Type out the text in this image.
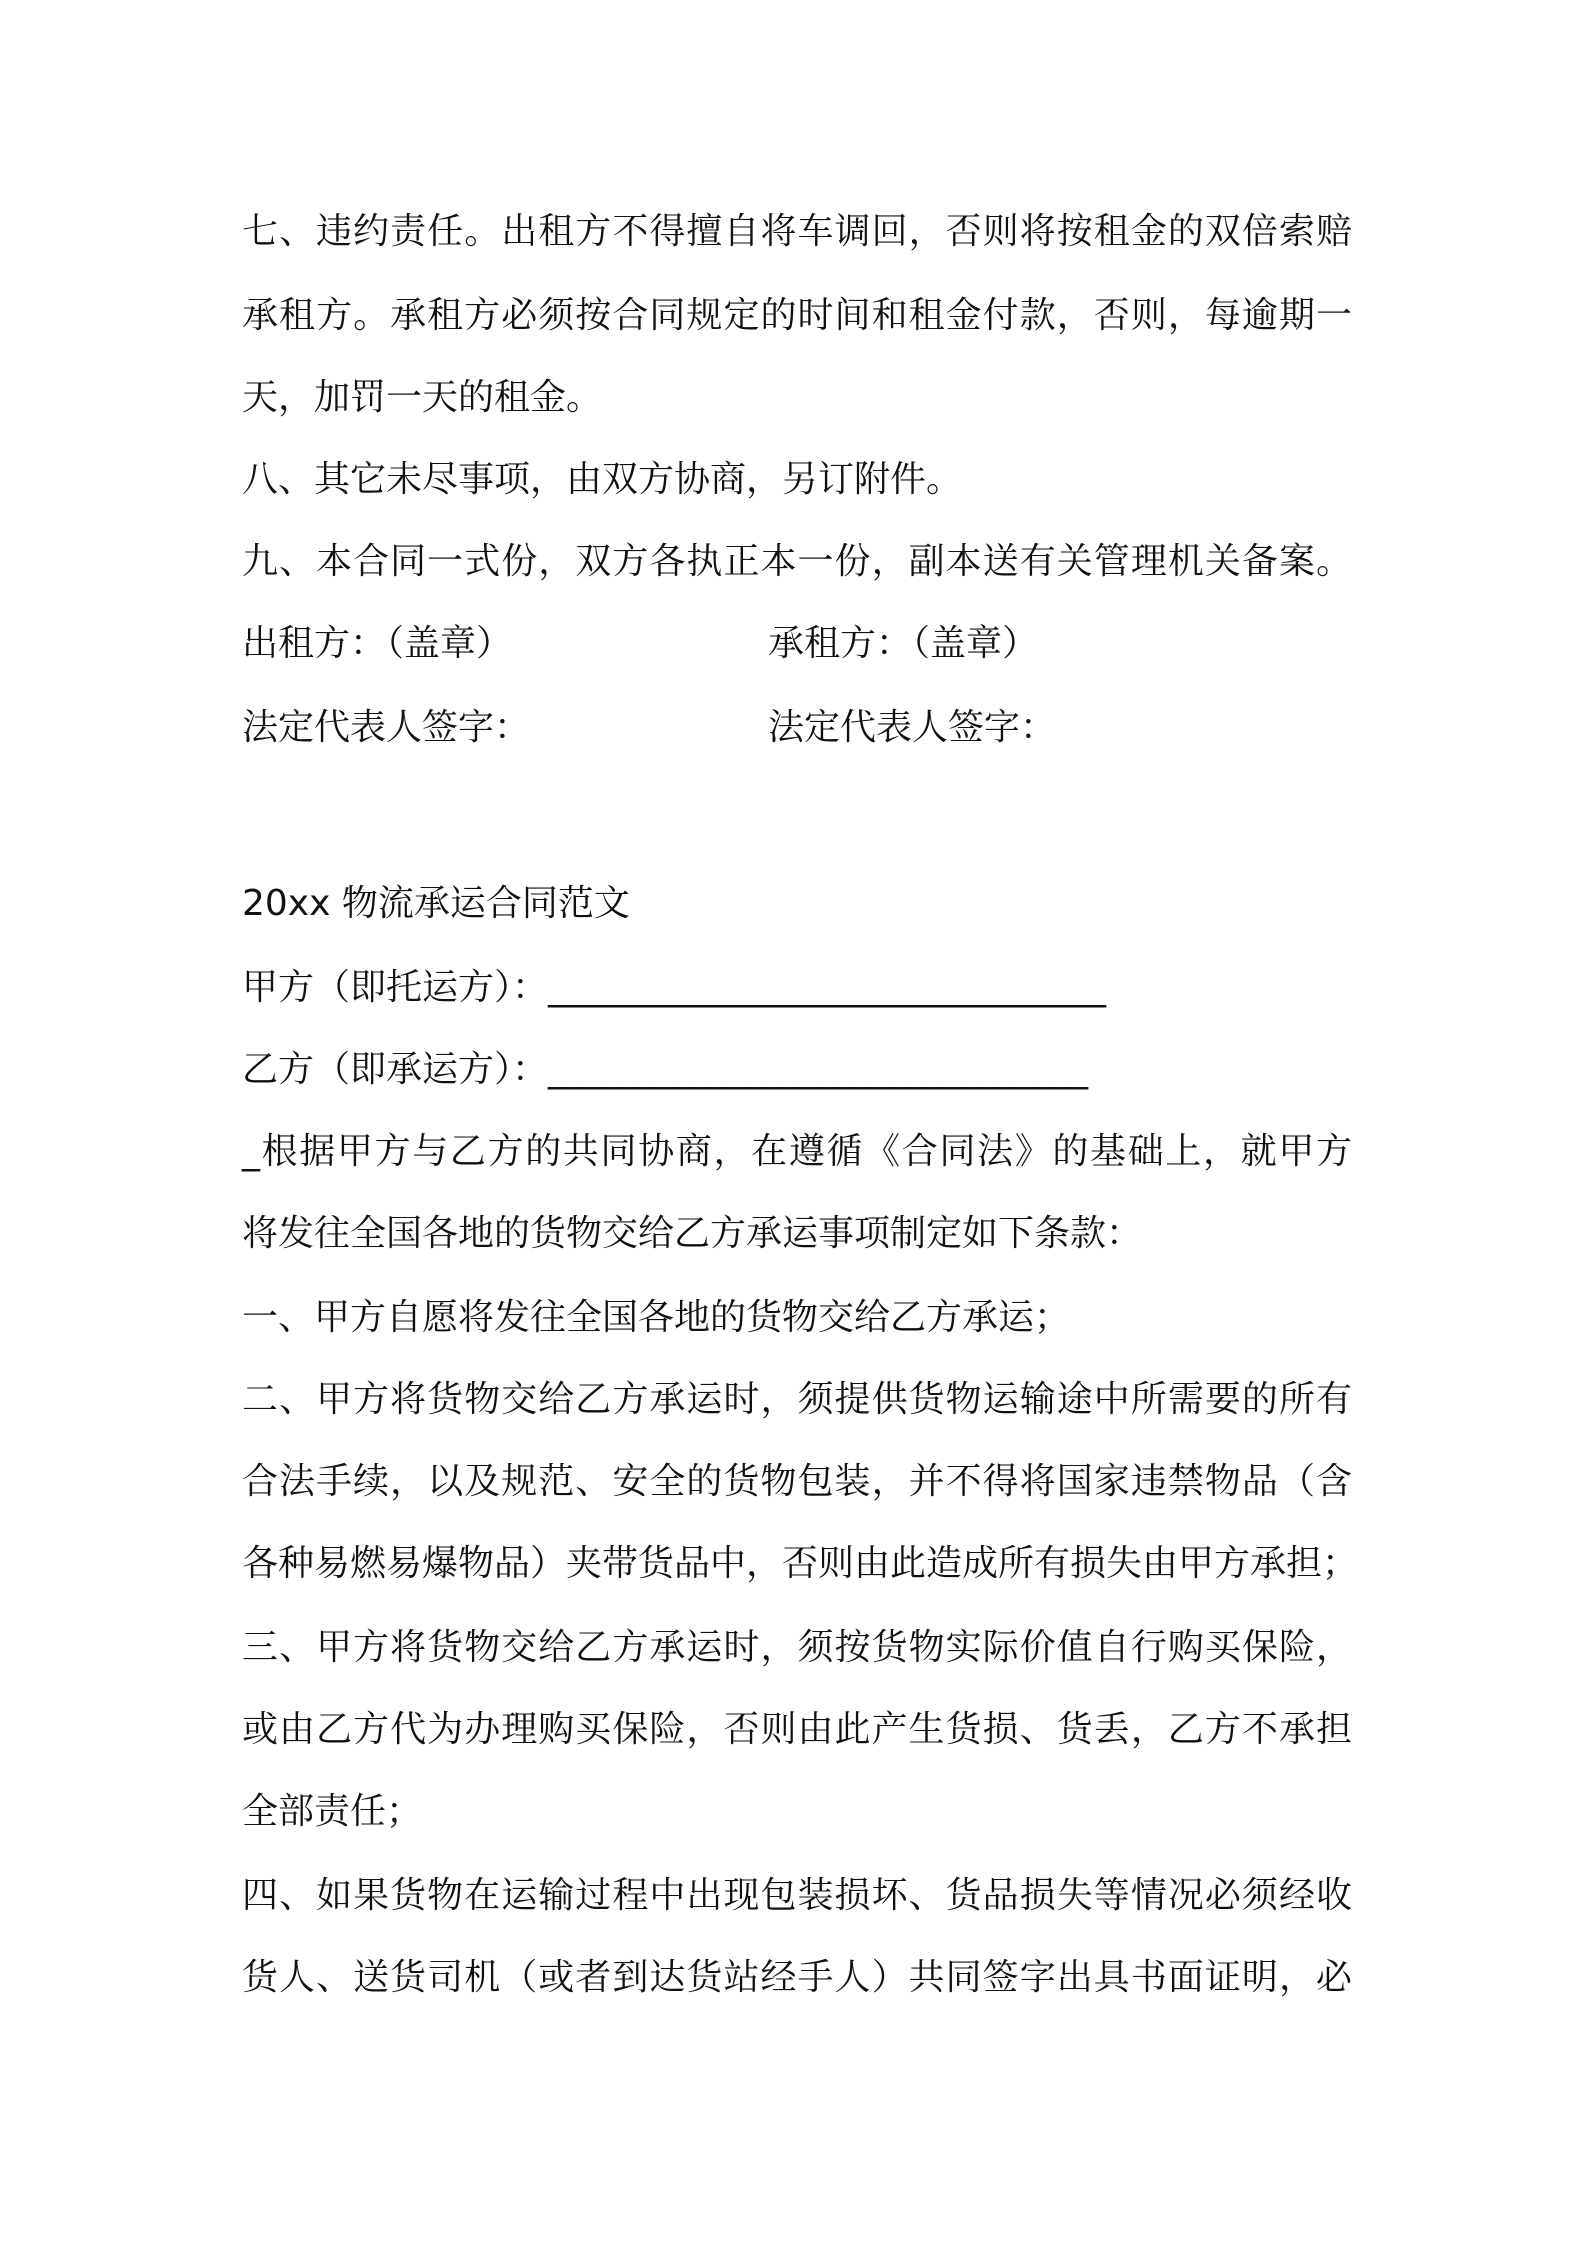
七、违约责任。出租方不得擅自将车调回，否则将按租金的双倍索赔
承租方。承租方必须按合同规定的时间和租金付款，否则，每逾期一
天，加罚一天的租金。
八、其它未尽事项，由双方协商，另订附件。
九、本合同一式份，双方各执正本一份，副本送有关管理机关备案。
出租方：（盖章）	承租方：（盖章）
法定代表人签字：	法定代表人签字：
20xx 物流承运合同范文
甲方（即托运方）：_______________________________
乙方（即承运方）：______________________________
_根据甲方与乙方的共同协商，在遵循《合同法》的基础上，就甲方
将发往全国各地的货物交给乙方承运事项制定如下条款：
一、甲方自愿将发往全国各地的货物交给乙方承运；
二、甲方将货物交给乙方承运时，须提供货物运输途中所需要的所有
合法手续，以及规范、安全的货物包装，并不得将国家违禁物品（含
各种易燃易爆物品）夹带货品中，否则由此造成所有损失由甲方承担；
三、甲方将货物交给乙方承运时，须按货物实际价值自行购买保险，
或由乙方代为办理购买保险，否则由此产生货损、货丢，乙方不承担
全部责任；
四、如果货物在运输过程中出现包装损坏、货品损失等情况必须经收
货人、送货司机（或者到达货站经手人）共同签字出具书面证明，必
